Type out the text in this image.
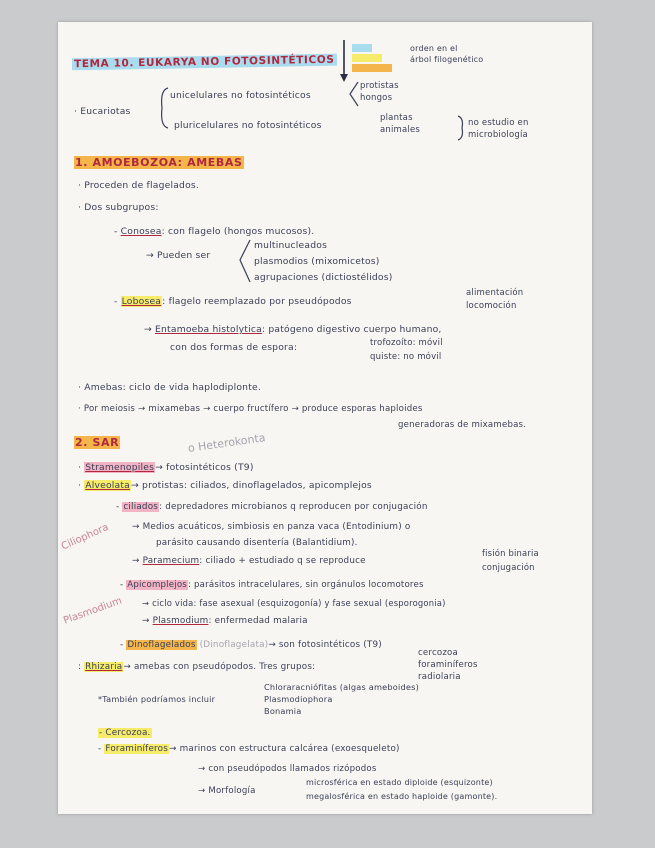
TEMA 10. EUKARYA NO FOTOSINTÉTICOS
orden en el
árbol filogenético
· Eucariotas
unicelulares no fotosintéticos
protistas
hongos
pluricelulares no fotosintéticos
plantas
animales
no estudio en
microbiología
1. AMOEBOZOA: AMEBAS
· Proceden de flagelados.
· Dos subgrupos:
- Conosea: con flagelo (hongos mucosos).
→ Pueden ser
multinucleados
plasmodios (mixomicetos)
agrupaciones (dictiostélidos)
- Lobosea: flagelo reemplazado por pseudópodos
alimentación
locomoción
→ Entamoeba histolytica: patógeno digestivo cuerpo humano,
con dos formas de espora:	trofozoíto: móvil
quiste: no móvil
· Amebas: ciclo de vida haplodiplonte.
· Por meiosis → mixamebas → cuerpo fructífero → produce esporas haploides
generadoras de mixamebas.
2. SAR	o Heterokonta
· Stramenopiles→ fotosintéticos (T9)
· Alveolata→ protistas: ciliados, dinoflagelados, apicomplejos
- ciliados: depredadores microbianos q reproducen por conjugación
→ Medios acuáticos, simbiosis en panza vaca (Entodinium) o
parásito causando disentería (Balantidium).
→ Paramecium: ciliado + estudiado q se reproduce
fisión binaria
conjugación
Ciliophora
- Apicomplejos: parásitos intracelulares, sin orgánulos locomotores
→ ciclo vida: fase asexual (esquizogonía) y fase sexual (esporogonia)
→ Plasmodium: enfermedad malaria
Plasmodium
- Dinoflagelados (Dinoflagelata)→ son fotosintéticos (T9)
: Rhizaria→ amebas con pseudópodos. Tres grupos:
cercozoa
foraminíferos
radiolaria
*También podríamos incluir
Chloraracniófitas (algas ameboides)
Plasmodiophora
Bonamia
- Cercozoa.
- Foraminíferos→ marinos con estructura calcárea (exoesqueleto)
→ con pseudópodos llamados rizópodos
→ Morfología
microsférica en estado diploide (esquizonte)
megalosférica en estado haploide (gamonte).
